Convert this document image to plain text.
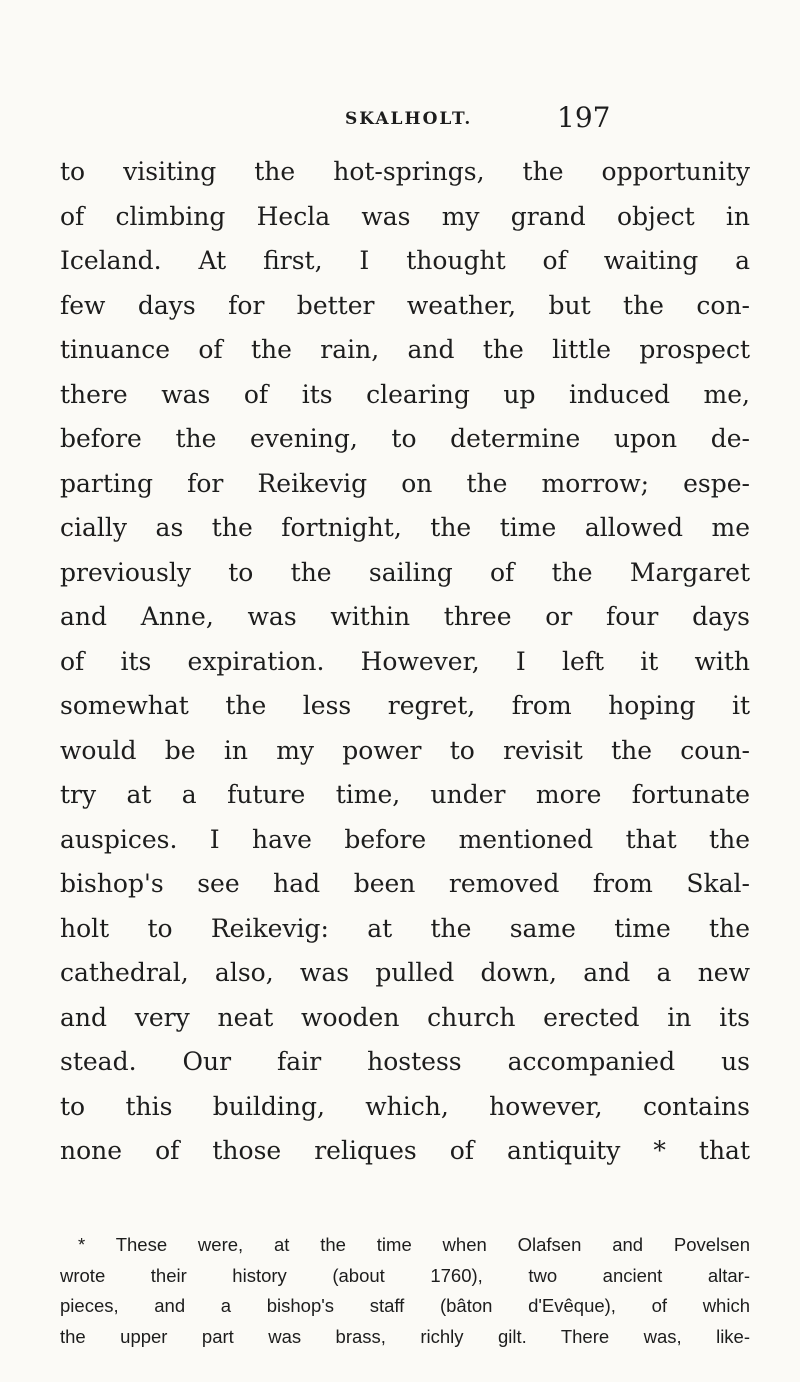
SKALHOLT.	197
to visiting the hot-springs, the opportunity
of climbing Hecla was my grand object in
Iceland. At first, I thought of waiting a
few days for better weather, but the con-
tinuance of the rain, and the little prospect
there was of its clearing up induced me,
before the evening, to determine upon de-
parting for Reikevig on the morrow; espe-
cially as the fortnight, the time allowed me
previously to the sailing of the Margaret
and Anne, was within three or four days
of its expiration. However, I left it with
somewhat the less regret, from hoping it
would be in my power to revisit the coun-
try at a future time, under more fortunate
auspices. I have before mentioned that the
bishop's see had been removed from Skal-
holt to Reikevig: at the same time the
cathedral, also, was pulled down, and a new
and very neat wooden church erected in its
stead. Our fair hostess accompanied us
to this building, which, however, contains
none of those reliques of antiquity * that
* These were, at the time when Olafsen and Povelsen
wrote their history (about 1760), two ancient altar-
pieces, and a bishop's staff (bâton d'Evêque), of which
the upper part was brass, richly gilt. There was, like-
